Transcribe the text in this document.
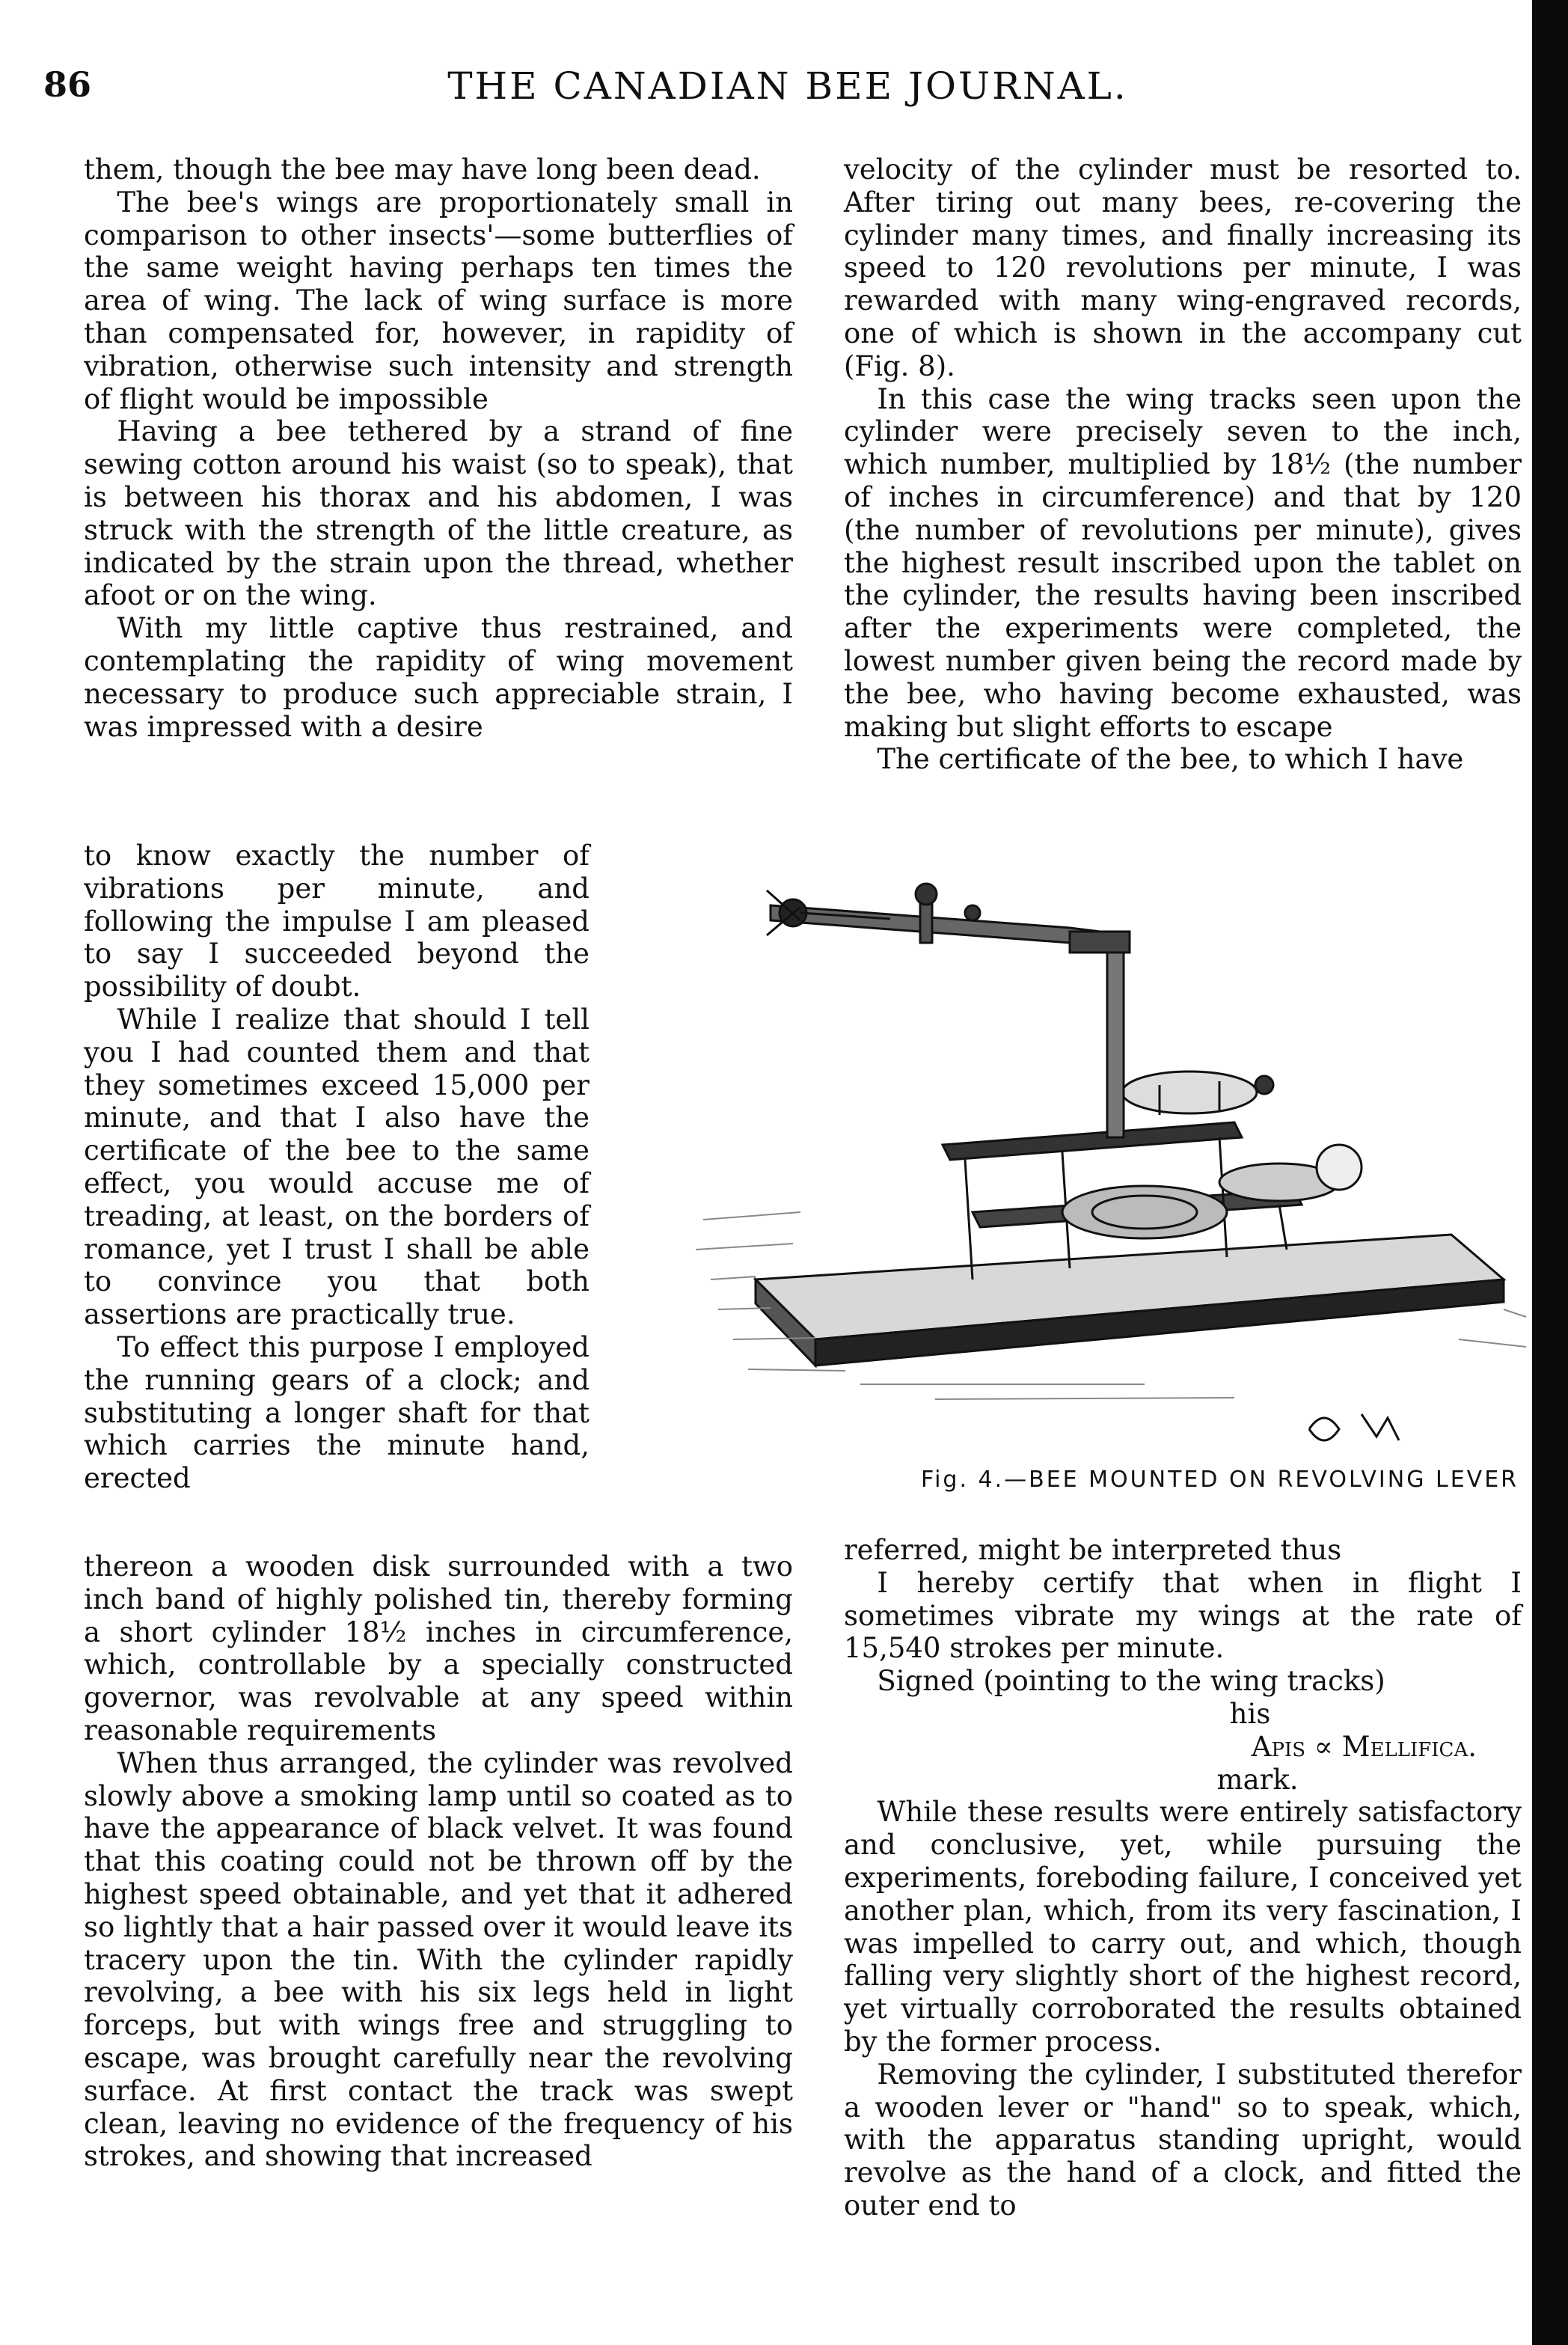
86	THE CANADIAN BEE JOURNAL.

them, though the bee may have long been dead.

The bee's wings are proportionately small in comparison to other insects'—some butterflies of the same weight having perhaps ten times the area of wing. The lack of wing surface is more than compensated for, however, in rapidity of vibration, otherwise such intensity and strength of flight would be impossible

Having a bee tethered by a strand of fine sewing cotton around his waist (so to speak), that is between his thorax and his abdomen, I was struck with the strength of the little creature, as indicated by the strain upon the thread, whether afoot or on the wing.

With my little captive thus restrained, and contemplating the rapidity of wing movement necessary to produce such appreciable strain, I was impressed with a desire

to know exactly the number of vibrations per minute, and following the impulse I am pleased to say I succeeded beyond the possibility of doubt.

While I realize that should I tell you I had counted them and that they sometimes exceed 15,000 per minute, and that I also have the certificate of the bee to the same effect, you would accuse me of treading, at least, on the borders of romance, yet I trust I shall be able to convince you that both assertions are practically true.

To effect this purpose I employed the running gears of a clock; and substituting a longer shaft for that which carries the minute hand, erected

thereon a wooden disk surrounded with a two inch band of highly polished tin, thereby forming a short cylinder 18½ inches in circumference, which, controllable by a specially constructed governor, was revolvable at any speed within reasonable requirements

When thus arranged, the cylinder was revolved slowly above a smoking lamp until so coated as to have the appearance of black velvet. It was found that this coating could not be thrown off by the highest speed obtainable, and yet that it adhered so lightly that a hair passed over it would leave its tracery upon the tin. With the cylinder rapidly revolving, a bee with his six legs held in light forceps, but with wings free and struggling to escape, was brought carefully near the revolving surface. At first contact the track was swept clean, leaving no evidence of the frequency of his strokes, and showing that increased

velocity of the cylinder must be resorted to. After tiring out many bees, re-covering the cylinder many times, and finally increasing its speed to 120 revolutions per minute, I was rewarded with many wing-engraved records, one of which is shown in the accompany cut (Fig. 8).

In this case the wing tracks seen upon the cylinder were precisely seven to the inch, which number, multiplied by 18½ (the number of inches in circumference) and that by 120 (the number of revolutions per minute), gives the highest result inscribed upon the tablet on the cylinder, the results having been inscribed after the experiments were completed, the lowest number given being the record made by the bee, who having become exhausted, was making but slight efforts to escape

The certificate of the bee, to which I have

Fig. 4.—BEE MOUNTED ON REVOLVING LEVER

referred, might be interpreted thus

I hereby certify that when in flight I sometimes vibrate my wings at the rate of 15,540 strokes per minute.

Signed (pointing to the wing tracks)

his
Apis ∝ Mellifica.
mark.

While these results were entirely satisfactory and conclusive, yet, while pursuing the experiments, foreboding failure, I conceived yet another plan, which, from its very fascination, I was impelled to carry out, and which, though falling very slightly short of the highest record, yet virtually corroborated the results obtained by the former process.

Removing the cylinder, I substituted therefor a wooden lever or "hand" so to speak, which, with the apparatus standing upright, would revolve as the hand of a clock, and fitted the outer end to
